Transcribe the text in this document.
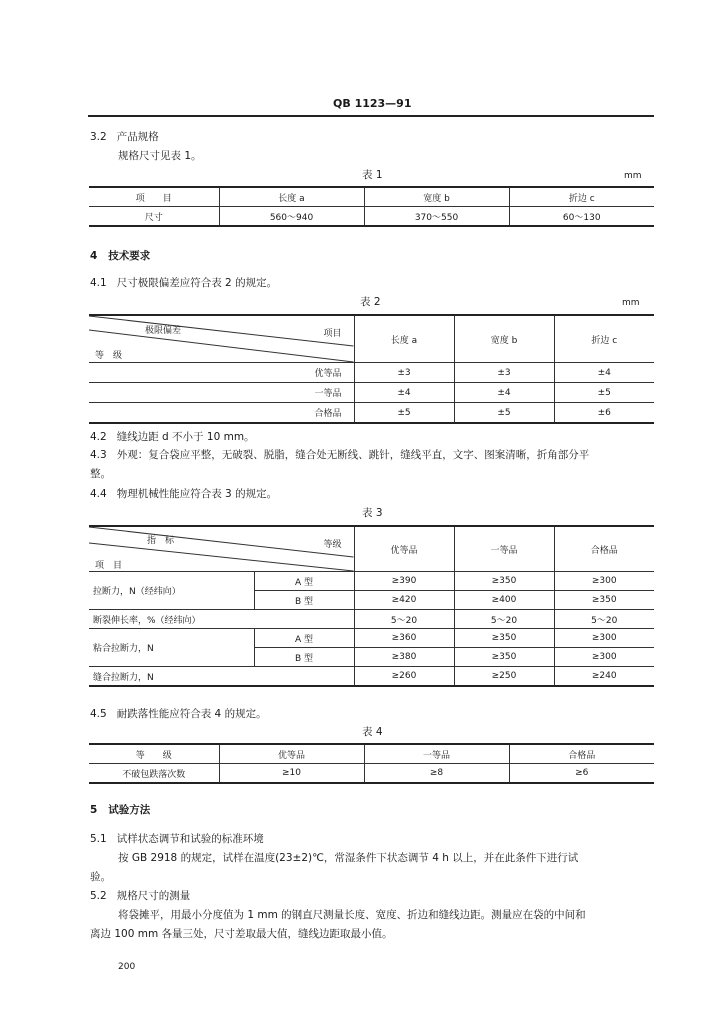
QB 1123—91
3.2 产品规格
规格尺寸见表 1。
表 1	mm
项　　目	长度 a	宽度 b	折边 c
尺寸	560～940	370～550	60～130
4 技术要求
4.1 尺寸极限偏差应符合表 2 的规定。
表 2	mm
项目
极限偏差
等　级	长度 a	宽度 b	折边 c
优等品	±3	±3	±4
一等品	±4	±4	±5
合格品	±5	±5	±6
4.2 缝线边距 d 不小于 10 mm。
4.3 外观：复合袋应平整，无破裂、脱脂，缝合处无断线、跳针，缝线平直，文字、图案清晰，折角部分平
整。
4.4 物理机械性能应符合表 3 的规定。
表 3
等级
指　标
项　目		优等品	一等品	合格品
拉断力，N（经纬向）	A 型	≥390	≥350	≥300
	B 型	≥420	≥400	≥350
断裂伸长率，%（经纬向）		5～20	5～20	5～20
粘合拉断力，N	A 型	≥360	≥350	≥300
	B 型	≥380	≥350	≥300
缝合拉断力，N		≥260	≥250	≥240
4.5 耐跌落性能应符合表 4 的规定。
表 4
等　　级	优等品	一等品	合格品
不破包跌落次数	≥10	≥8	≥6
5 试验方法
5.1 试样状态调节和试验的标准环境
按 GB 2918 的规定，试样在温度(23±2)℃，常湿条件下状态调节 4 h 以上，并在此条件下进行试
验。
5.2 规格尺寸的测量
将袋摊平，用最小分度值为 1 mm 的钢直尺测量长度、宽度、折边和缝线边距。测量应在袋的中间和
离边 100 mm 各量三处，尺寸差取最大值，缝线边距取最小值。
200
